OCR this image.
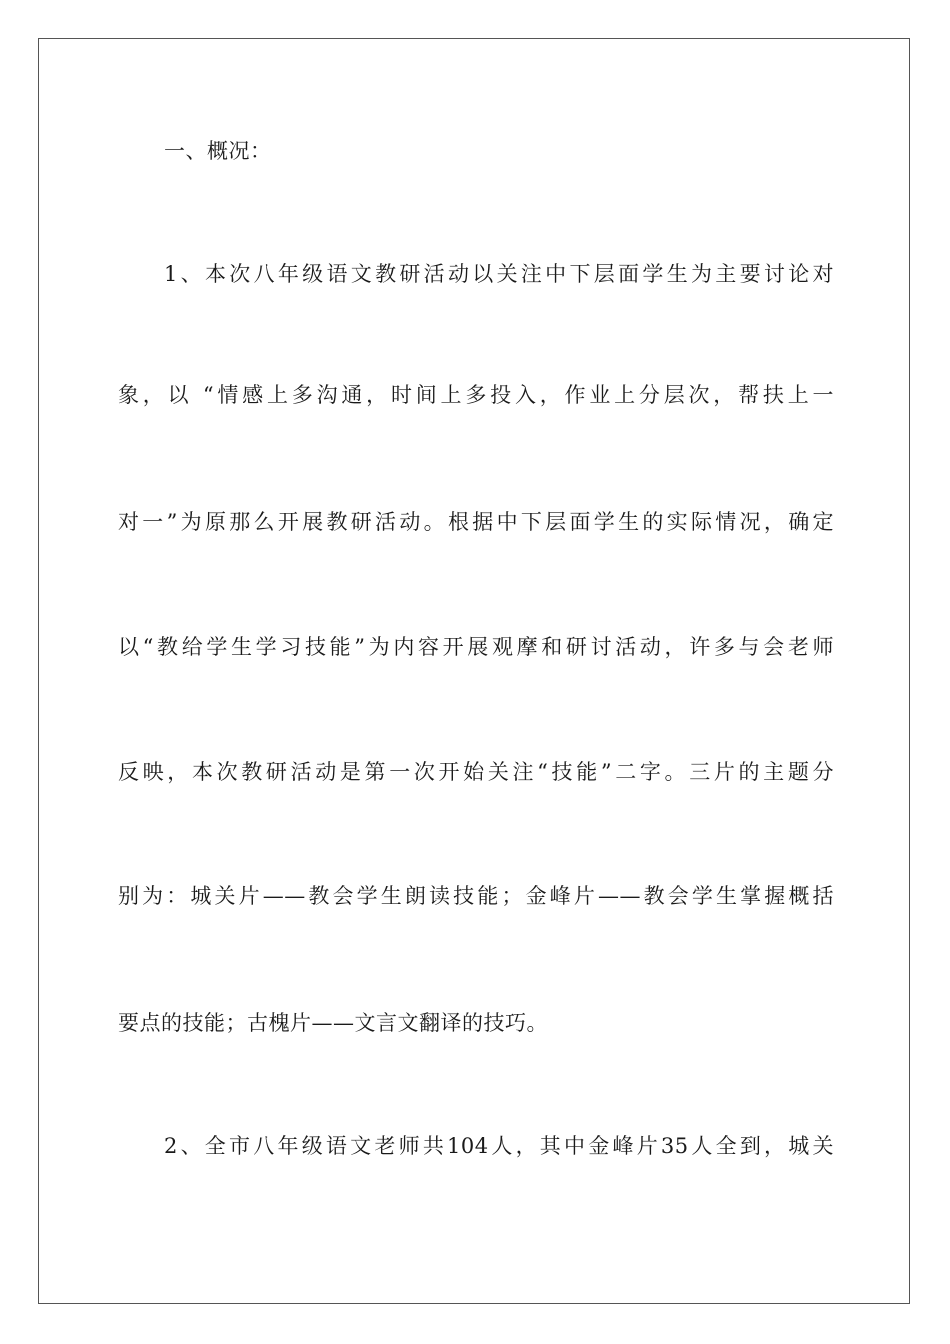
一、概况：
1、本次八年级语文教研活动以关注中下层面学生为主要讨论对
象，以 “情感上多沟通，时间上多投入，作业上分层次，帮扶上一
对一”为原那么开展教研活动。根据中下层面学生的实际情况，确定
以“教给学生学习技能”为内容开展观摩和研讨活动，许多与会老师
反映，本次教研活动是第一次开始关注“技能”二字。三片的主题分
别为：城关片——教会学生朗读技能；金峰片——教会学生掌握概括
要点的技能；古槐片——文言文翻译的技巧。
2、全市八年级语文老师共104人，其中金峰片35人全到，城关
